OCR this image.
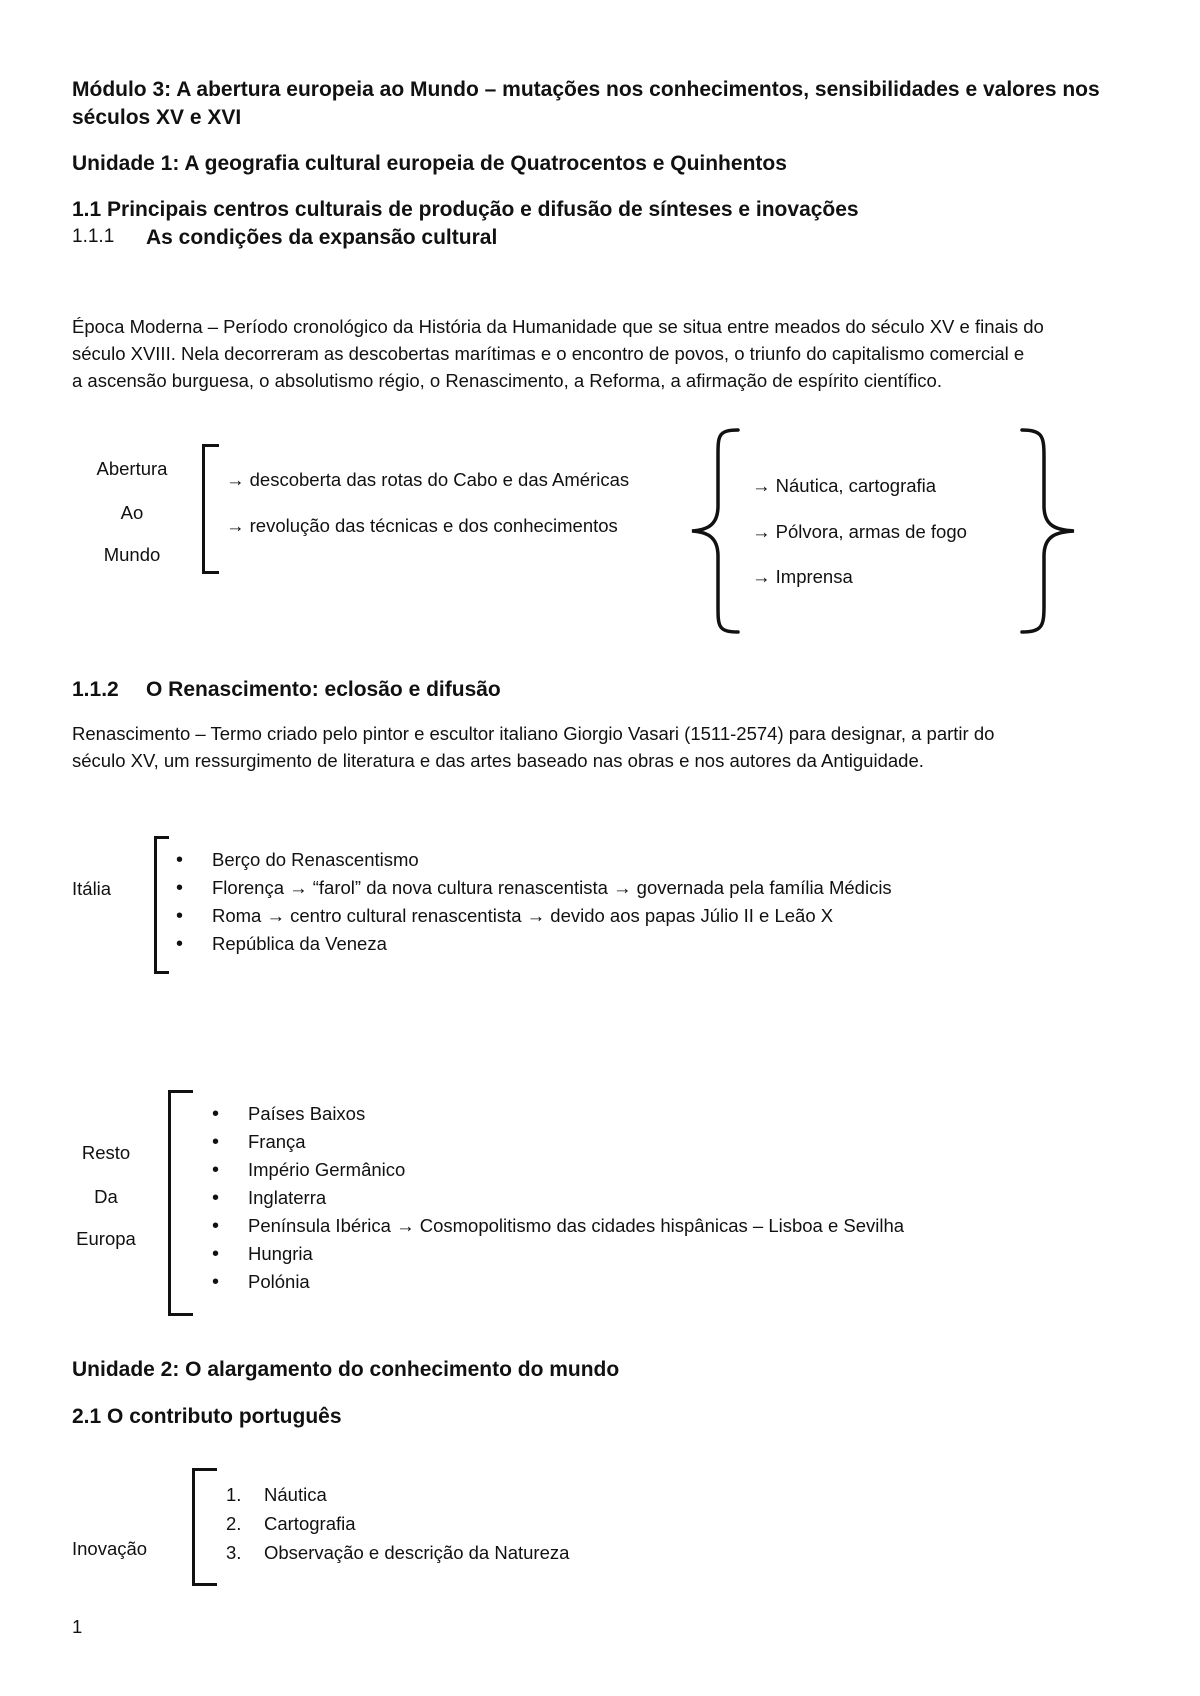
Módulo 3: A abertura europeia ao Mundo – mutações nos conhecimentos, sensibilidades e valores nos
séculos XV e XVI
Unidade 1: A geografia cultural europeia de Quatrocentos e Quinhentos
1.1 Principais centros culturais de produção e difusão de sínteses e inovações
1.1.1 As condições da expansão cultural
Época Moderna – Período cronológico da História da Humanidade que se situa entre meados do século XV e finais do
século XVIII. Nela decorreram as descobertas marítimas e o encontro de povos, o triunfo do capitalismo comercial e
a ascensão burguesa, o absolutismo régio, o Renascimento, a Reforma, a afirmação de espírito científico.
Abertura
Ao
Mundo
→ descoberta das rotas do Cabo e das Américas
→ revolução das técnicas e dos conhecimentos
→ Náutica, cartografia
→ Pólvora, armas de fogo
→ Imprensa
1.1.2 O Renascimento: eclosão e difusão
Renascimento – Termo criado pelo pintor e escultor italiano Giorgio Vasari (1511-2574) para designar, a partir do
século XV, um ressurgimento de literatura e das artes baseado nas obras e nos autores da Antiguidade.
Itália
• Berço do Renascentismo
• Florença → “farol” da nova cultura renascentista → governada pela família Médicis
• Roma → centro cultural renascentista → devido aos papas Júlio II e Leão X
• República da Veneza
Resto
Da
Europa
• Países Baixos
• França
• Império Germânico
• Inglaterra
• Península Ibérica → Cosmopolitismo das cidades hispânicas – Lisboa e Sevilha
• Hungria
• Polónia
Unidade 2: O alargamento do conhecimento do mundo
2.1 O contributo português
Inovação
1. Náutica
2. Cartografia
3. Observação e descrição da Natureza
1
